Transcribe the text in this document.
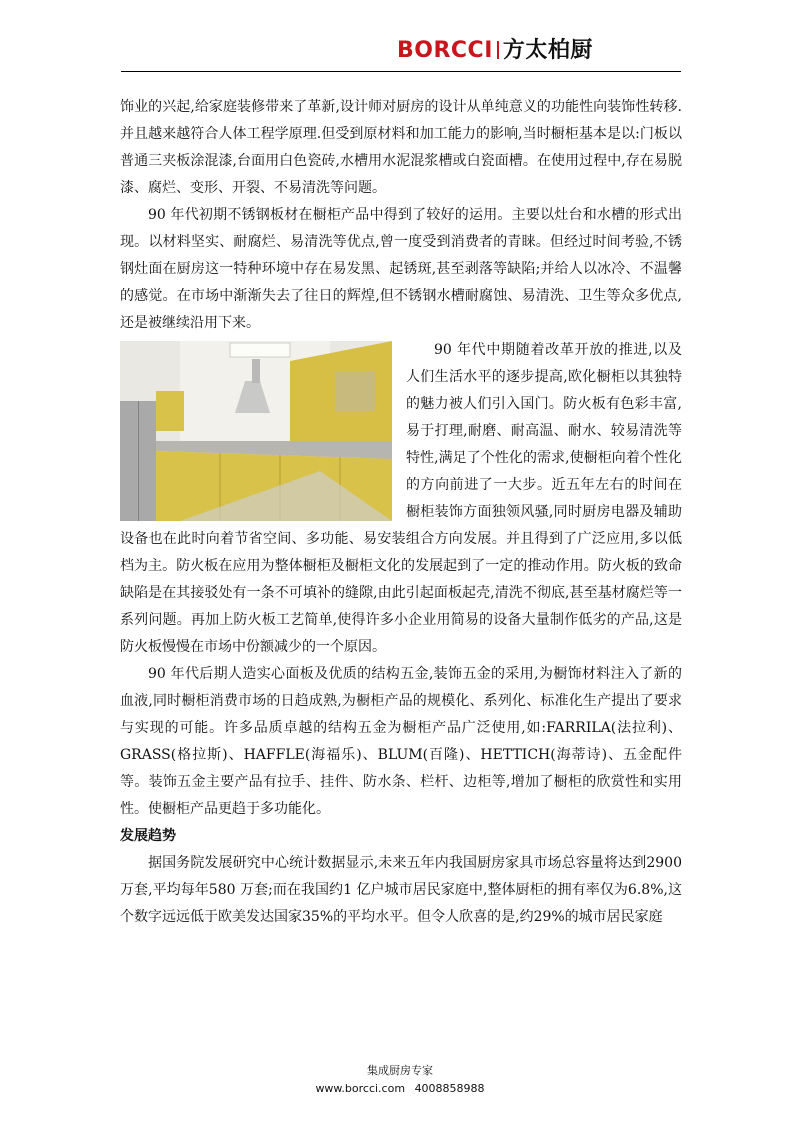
BORCCI 方太柏厨

饰业的兴起,给家庭装修带来了革新,设计师对厨房的设计从单纯意义的功能性向装饰性转移.并且越来越符合人体工程学原理.但受到原材料和加工能力的影响,当时橱柜基本是以:门板以普通三夹板涂混漆,台面用白色瓷砖,水槽用水泥混浆槽或白瓷面槽。在使用过程中,存在易脱漆、腐烂、变形、开裂、不易清洗等问题。

90 年代初期不锈钢板材在橱柜产品中得到了较好的运用。主要以灶台和水槽的形式出现。以材料坚实、耐腐烂、易清洗等优点,曾一度受到消费者的青睐。但经过时间考验,不锈钢灶面在厨房这一特种环境中存在易发黑、起锈斑,甚至剥落等缺陷;并给人以冰冷、不温馨的感觉。在市场中渐渐失去了往日的辉煌,但不锈钢水槽耐腐蚀、易清洗、卫生等众多优点,还是被继续沿用下来。

90 年代中期随着改革开放的推进,以及人们生活水平的逐步提高,欧化橱柜以其独特的魅力被人们引入国门。防火板有色彩丰富,易于打理,耐磨、耐高温、耐水、较易清洗等特性,满足了个性化的需求,使橱柜向着个性化的方向前进了一大步。近五年左右的时间在橱柜装饰方面独领风骚,同时厨房电器及辅助设备也在此时向着节省空间、多功能、易安装组合方向发展。并且得到了广泛应用,多以低档为主。防火板在应用为整体橱柜及橱柜文化的发展起到了一定的推动作用。防火板的致命缺陷是在其接驳处有一条不可填补的缝隙,由此引起面板起壳,清洗不彻底,甚至基材腐烂等一系列问题。再加上防火板工艺简单,使得许多小企业用简易的设备大量制作低劣的产品,这是防火板慢慢在市场中份额减少的一个原因。

90 年代后期人造实心面板及优质的结构五金,装饰五金的采用,为橱饰材料注入了新的血液,同时橱柜消费市场的日趋成熟,为橱柜产品的规模化、系列化、标准化生产提出了要求与实现的可能。许多品质卓越的结构五金为橱柜产品广泛使用,如:FARRILA(法拉利)、GRASS(格拉斯)、HAFFLE(海福乐)、BLUM(百隆)、HETTICH(海蒂诗)、五金配件等。装饰五金主要产品有拉手、挂件、防水条、栏杆、边柜等,增加了橱柜的欣赏性和实用性。使橱柜产品更趋于多功能化。

发展趋势

据国务院发展研究中心统计数据显示,未来五年内我国厨房家具市场总容量将达到2900万套,平均每年580 万套;而在我国约1 亿户城市居民家庭中,整体厨柜的拥有率仅为6.8%,这个数字远远低于欧美发达国家35%的平均水平。但令人欣喜的是,约29%的城市居民家庭

集成厨房专家
www.borcci.com 4008858988
